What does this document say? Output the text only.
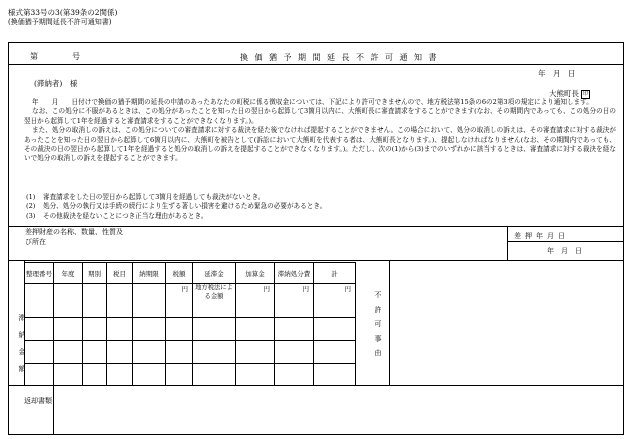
様式第33号の3(第39条の2関係)
(換価猶予期間延長不許可通知書)
第　　号	換価猶予期間延長不許可通知書
年　月　日
(滞納者)　様
大熊町長 印

年　　月　　日付けで換価の猶予期間の延長の申請のあったあなたの町税に係る徴収金については、下記により許可できませんので、地方税法第15条の6の2第3項の規定により通知します。

なお、この処分に不服があるときは、この処分があったことを知った日の翌日から起算して3箇月以内に、大熊町長に審査請求をすることができます(なお、その期間内であっても、この処分の日の翌日から起算して1年を経過すると審査請求をすることができなくなります。)。

また、処分の取消しの訴えは、この処分についての審査請求に対する裁決を経た後でなければ提起することができません。この場合において、処分の取消しの訴えは、その審査請求に対する裁決があったことを知った日の翌日から起算して6箇月以内に、大熊町を被告として(訴訟において大熊町を代表する者は、大熊町長となります。)、提起しなければなりません(なお、その期間内であっても、その裁決の日の翌日から起算して1年を経過すると処分の取消しの訴えを提起することができなくなります。)。ただし、次の(1)から(3)までのいずれかに該当するときは、審査請求に対する裁決を経ないで処分の取消しの訴えを提起することができます。

(1) 審査請求をした日の翌日から起算して3箇月を経過しても裁決がないとき。
(2) 処分、処分の執行又は手続の続行により生ずる著しい損害を避けるため緊急の必要があるとき。
(3) その他裁決を経ないことにつき正当な理由があるとき。
差押財産の名称、数量、性質及び所在
差押年月日
年　月　日
滞納金額
整理番号	年度	期別	税目	納期限	税額	延滞金	加算金	滞納処分費	計
					円	地方税法による金額	円	円	円

不許可事由
返却書類
